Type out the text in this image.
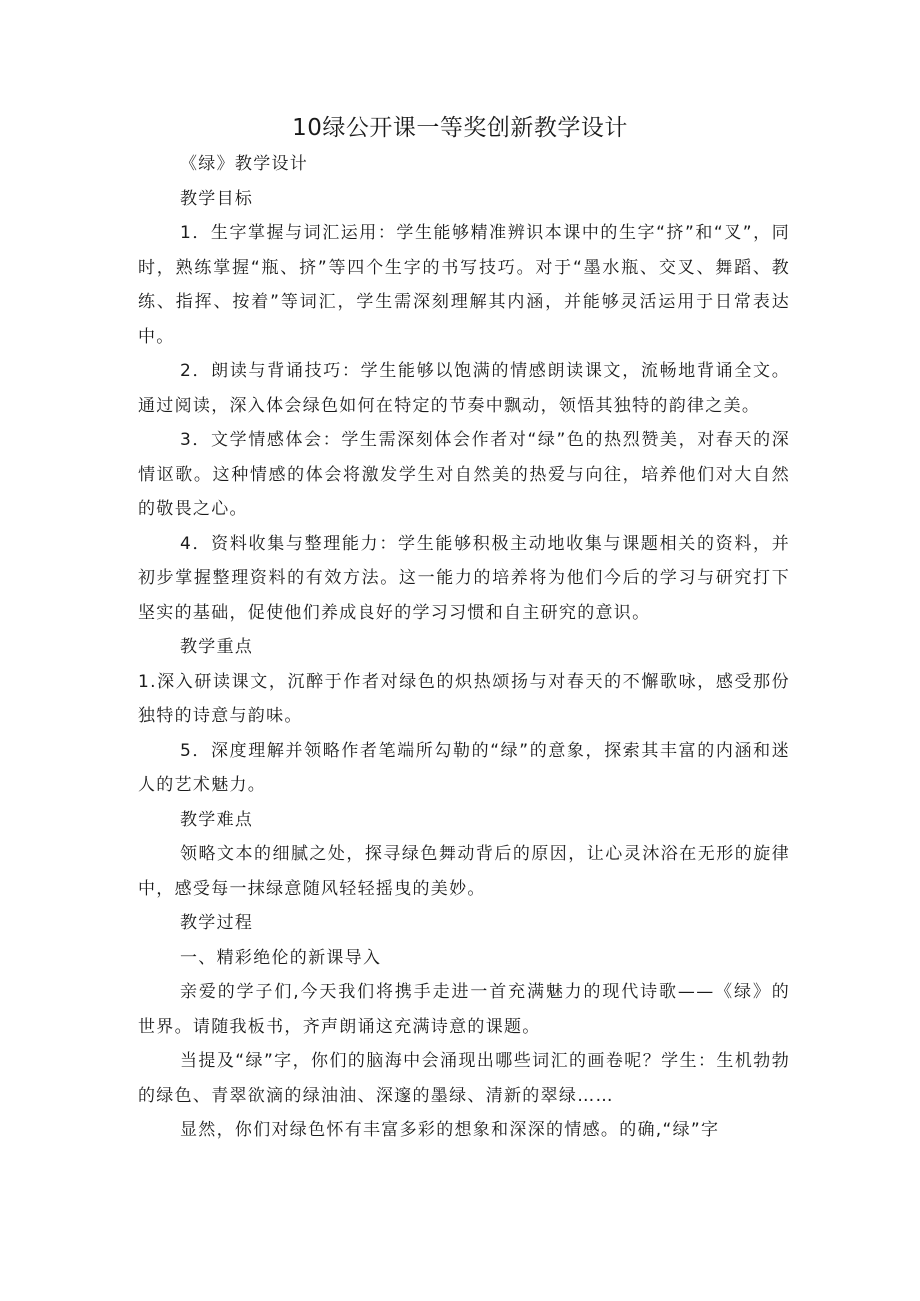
10绿公开课一等奖创新教学设计

《绿》教学设计

教学目标

1．生字掌握与词汇运用：学生能够精准辨识本课中的生字“挤”和“叉”，同时，熟练掌握“瓶、挤”等四个生字的书写技巧。对于“墨水瓶、交叉、舞蹈、教练、指挥、按着”等词汇，学生需深刻理解其内涵，并能够灵活运用于日常表达中。

2．朗读与背诵技巧：学生能够以饱满的情感朗读课文，流畅地背诵全文。通过阅读，深入体会绿色如何在特定的节奏中飘动，领悟其独特的韵律之美。

3．文学情感体会：学生需深刻体会作者对“绿”色的热烈赞美，对春天的深情讴歌。这种情感的体会将激发学生对自然美的热爱与向往，培养他们对大自然的敬畏之心。

4．资料收集与整理能力：学生能够积极主动地收集与课题相关的资料，并初步掌握整理资料的有效方法。这一能力的培养将为他们今后的学习与研究打下坚实的基础，促使他们养成良好的学习习惯和自主研究的意识。

教学重点

1.深入研读课文，沉醉于作者对绿色的炽热颂扬与对春天的不懈歌咏，感受那份独特的诗意与韵味。

5．深度理解并领略作者笔端所勾勒的“绿”的意象，探索其丰富的内涵和迷人的艺术魅力。

教学难点

领略文本的细腻之处，探寻绿色舞动背后的原因，让心灵沐浴在无形的旋律中，感受每一抹绿意随风轻轻摇曳的美妙。

教学过程

一、精彩绝伦的新课导入

亲爱的学子们,今天我们将携手走进一首充满魅力的现代诗歌——《绿》的世界。请随我板书，齐声朗诵这充满诗意的课题。

当提及“绿”字，你们的脑海中会涌现出哪些词汇的画卷呢？学生：生机勃勃的绿色、青翠欲滴的绿油油、深邃的墨绿、清新的翠绿……

显然，你们对绿色怀有丰富多彩的想象和深深的情感。的确,“绿”字
